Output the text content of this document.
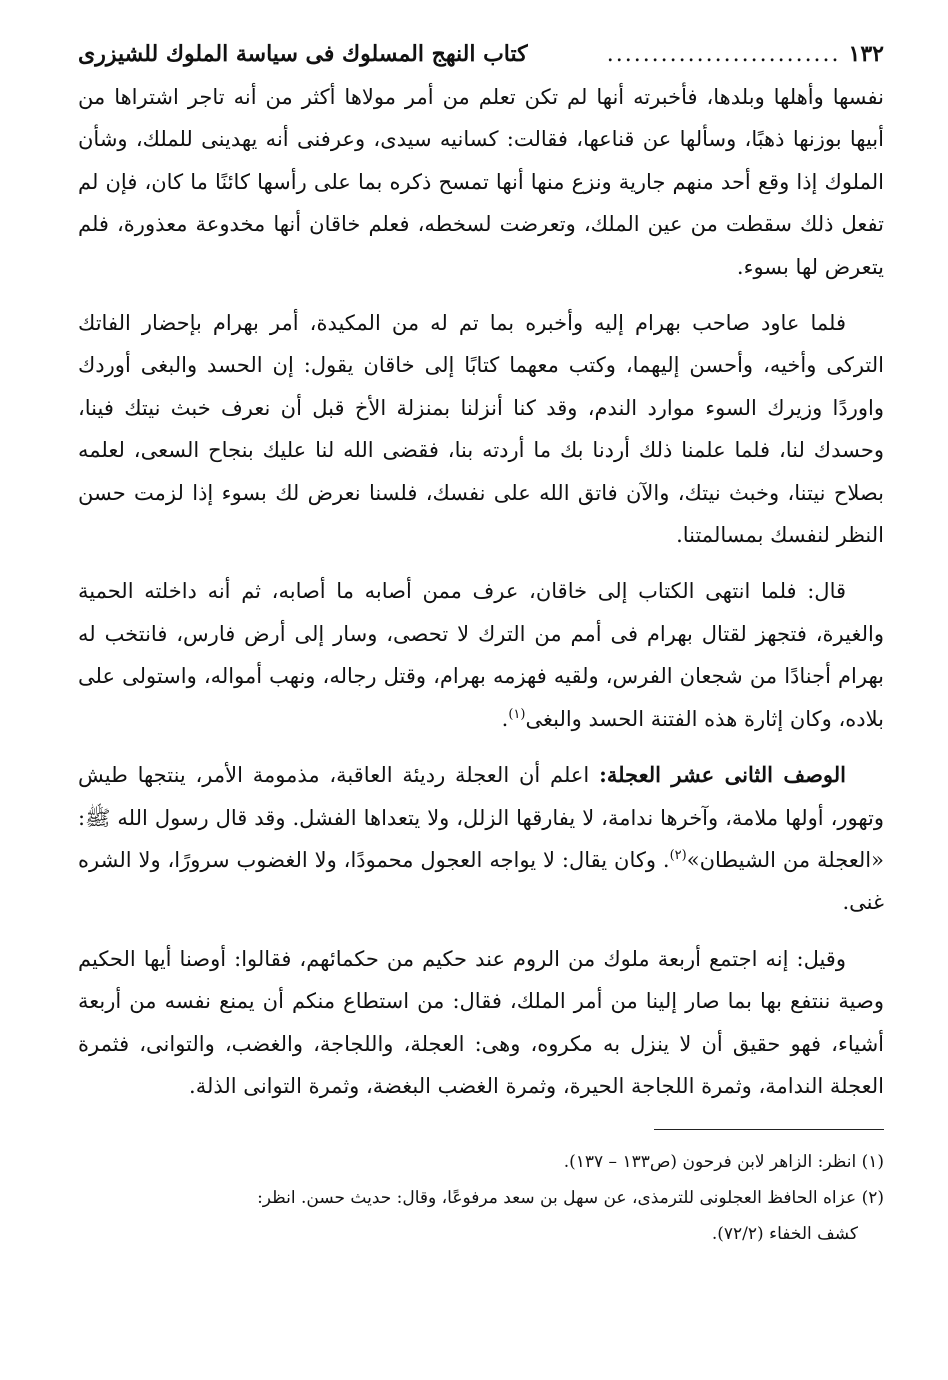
١٣٢
..........................
كتاب النهج المسلوك فى سياسة الملوك للشيزرى

نفسها وأهلها وبلدها، فأخبرته أنها لم تكن تعلم من أمر مولاها أكثر من أنه تاجر اشتراها من أبيها بوزنها ذهبًا، وسألها عن قناعها، فقالت: كسانيه سيدى، وعرفنى أنه يهدينى للملك، وشأن الملوك إذا وقع أحد منهم جارية ونزع منها أنها تمسح ذكره بما على رأسها كائنًا ما كان، فإن لم تفعل ذلك سقطت من عين الملك، وتعرضت لسخطه، فعلم خاقان أنها مخدوعة معذورة، فلم يتعرض لها بسوء.

فلما عاود صاحب بهرام إليه وأخبره بما تم له من المكيدة، أمر بهرام بإحضار الفاتك التركى وأخيه، وأحسن إليهما، وكتب معهما كتابًا إلى خاقان يقول: إن الحسد والبغى أوردك واوردًا وزيرك السوء موارد الندم، وقد كنا أنزلنا بمنزلة الأخ قبل أن نعرف خبث نيتك فينا، وحسدك لنا، فلما علمنا ذلك أردنا بك ما أردته بنا، فقضى الله لنا عليك بنجاح السعى، لعلمه بصلاح نيتنا، وخبث نيتك، والآن فاتق الله على نفسك، فلسنا نعرض لك بسوء إذا لزمت حسن النظر لنفسك بمسالمتنا.

قال: فلما انتهى الكتاب إلى خاقان، عرف ممن أصابه ما أصابه، ثم أنه داخلته الحمية والغيرة، فتجهز لقتال بهرام فى أمم من الترك لا تحصى، وسار إلى أرض فارس، فانتخب له بهرام أجنادًا من شجعان الفرس، ولقيه فهزمه بهرام، وقتل رجاله، ونهب أمواله، واستولى على بلاده، وكان إثارة هذه الفتنة الحسد والبغى$^{(١)}$.

الوصف الثانى عشر العجلة: اعلم أن العجلة رديئة العاقبة، مذمومة الأمر، ينتجها طيش وتهور، أولها ملامة، وآخرها ندامة، لا يفارقها الزلل، ولا يتعداها الفشل. وقد قال رسول الله ﷺ: «العجلة من الشيطان»$^{(٢)}$. وكان يقال: لا يواجه العجول محمودًا، ولا الغضوب سرورًا، ولا الشره غنى.

وقيل: إنه اجتمع أربعة ملوك من الروم عند حكيم من حكمائهم، فقالوا: أوصنا أيها الحكيم وصية ننتفع بها بما صار إلينا من أمر الملك، فقال: من استطاع منكم أن يمنع نفسه من أربعة أشياء، فهو حقيق أن لا ينزل به مكروه، وهى: العجلة، واللجاجة، والغضب، والتوانى، فثمرة العجلة الندامة، وثمرة اللجاجة الحيرة، وثمرة الغضب البغضة، وثمرة التوانى الذلة.

(١) انظر: الزاهر لابن فرحون (ص١٣٣ – ١٣٧).

(٢) عزاه الحافظ العجلونى للترمذى، عن سهل بن سعد مرفوعًا، وقال: حديث حسن. انظر:

كشف الخفاء (٧٢/٢).
